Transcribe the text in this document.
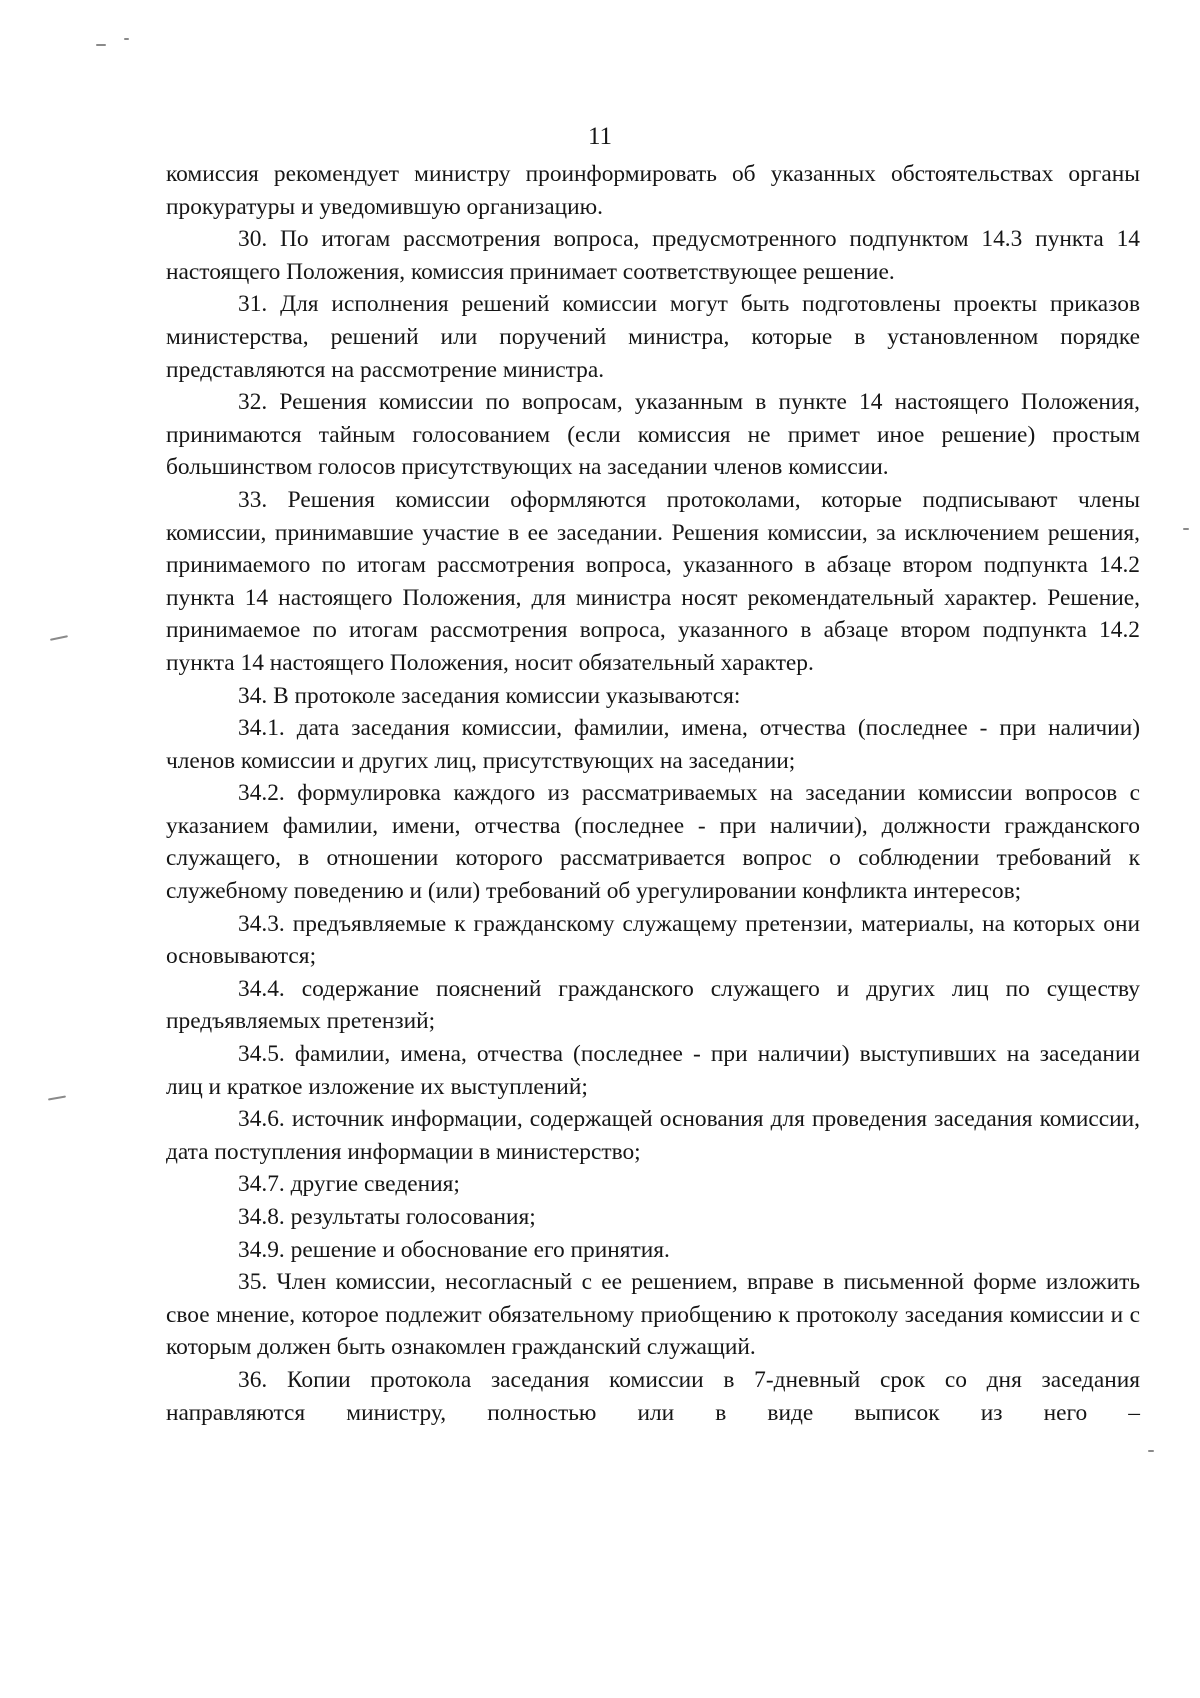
11

комиссия рекомендует министру проинформировать об указанных обстоятельствах органы прокуратуры и уведомившую организацию.

30. По итогам рассмотрения вопроса, предусмотренного подпунктом 14.3 пункта 14 настоящего Положения, комиссия принимает соответствующее решение.

31. Для исполнения решений комиссии могут быть подготовлены проекты приказов министерства, решений или поручений министра, которые в установленном порядке представляются на рассмотрение министра.

32. Решения комиссии по вопросам, указанным в пункте 14 настоящего Положения, принимаются тайным голосованием (если комиссия не примет иное решение) простым большинством голосов присутствующих на заседании членов комиссии.

33. Решения комиссии оформляются протоколами, которые подписывают члены комиссии, принимавшие участие в ее заседании. Решения комиссии, за исключением решения, принимаемого по итогам рассмотрения вопроса, указанного в абзаце втором подпункта 14.2 пункта 14 настоящего Положения, для министра носят рекомендательный характер. Решение, принимаемое по итогам рассмотрения вопроса, указанного в абзаце втором подпункта 14.2 пункта 14 настоящего Положения, носит обязательный характер.

34. В протоколе заседания комиссии указываются:

34.1. дата заседания комиссии, фамилии, имена, отчества (последнее - при наличии) членов комиссии и других лиц, присутствующих на заседании;

34.2. формулировка каждого из рассматриваемых на заседании комиссии вопросов с указанием фамилии, имени, отчества (последнее - при наличии), должности гражданского служащего, в отношении которого рассматривается вопрос о соблюдении требований к служебному поведению и (или) требований об урегулировании конфликта интересов;

34.3. предъявляемые к гражданскому служащему претензии, материалы, на которых они основываются;

34.4. содержание пояснений гражданского служащего и других лиц по существу предъявляемых претензий;

34.5. фамилии, имена, отчества (последнее - при наличии) выступивших на заседании лиц и краткое изложение их выступлений;

34.6. источник информации, содержащей основания для проведения заседания комиссии, дата поступления информации в министерство;

34.7. другие сведения;

34.8. результаты голосования;

34.9. решение и обоснование его принятия.

35. Член комиссии, несогласный с ее решением, вправе в письменной форме изложить свое мнение, которое подлежит обязательному приобщению к протоколу заседания комиссии и с которым должен быть ознакомлен гражданский служащий.

36. Копии протокола заседания комиссии в 7-дневный срок со дня заседания направляются министру, полностью или в виде выписок из него –
